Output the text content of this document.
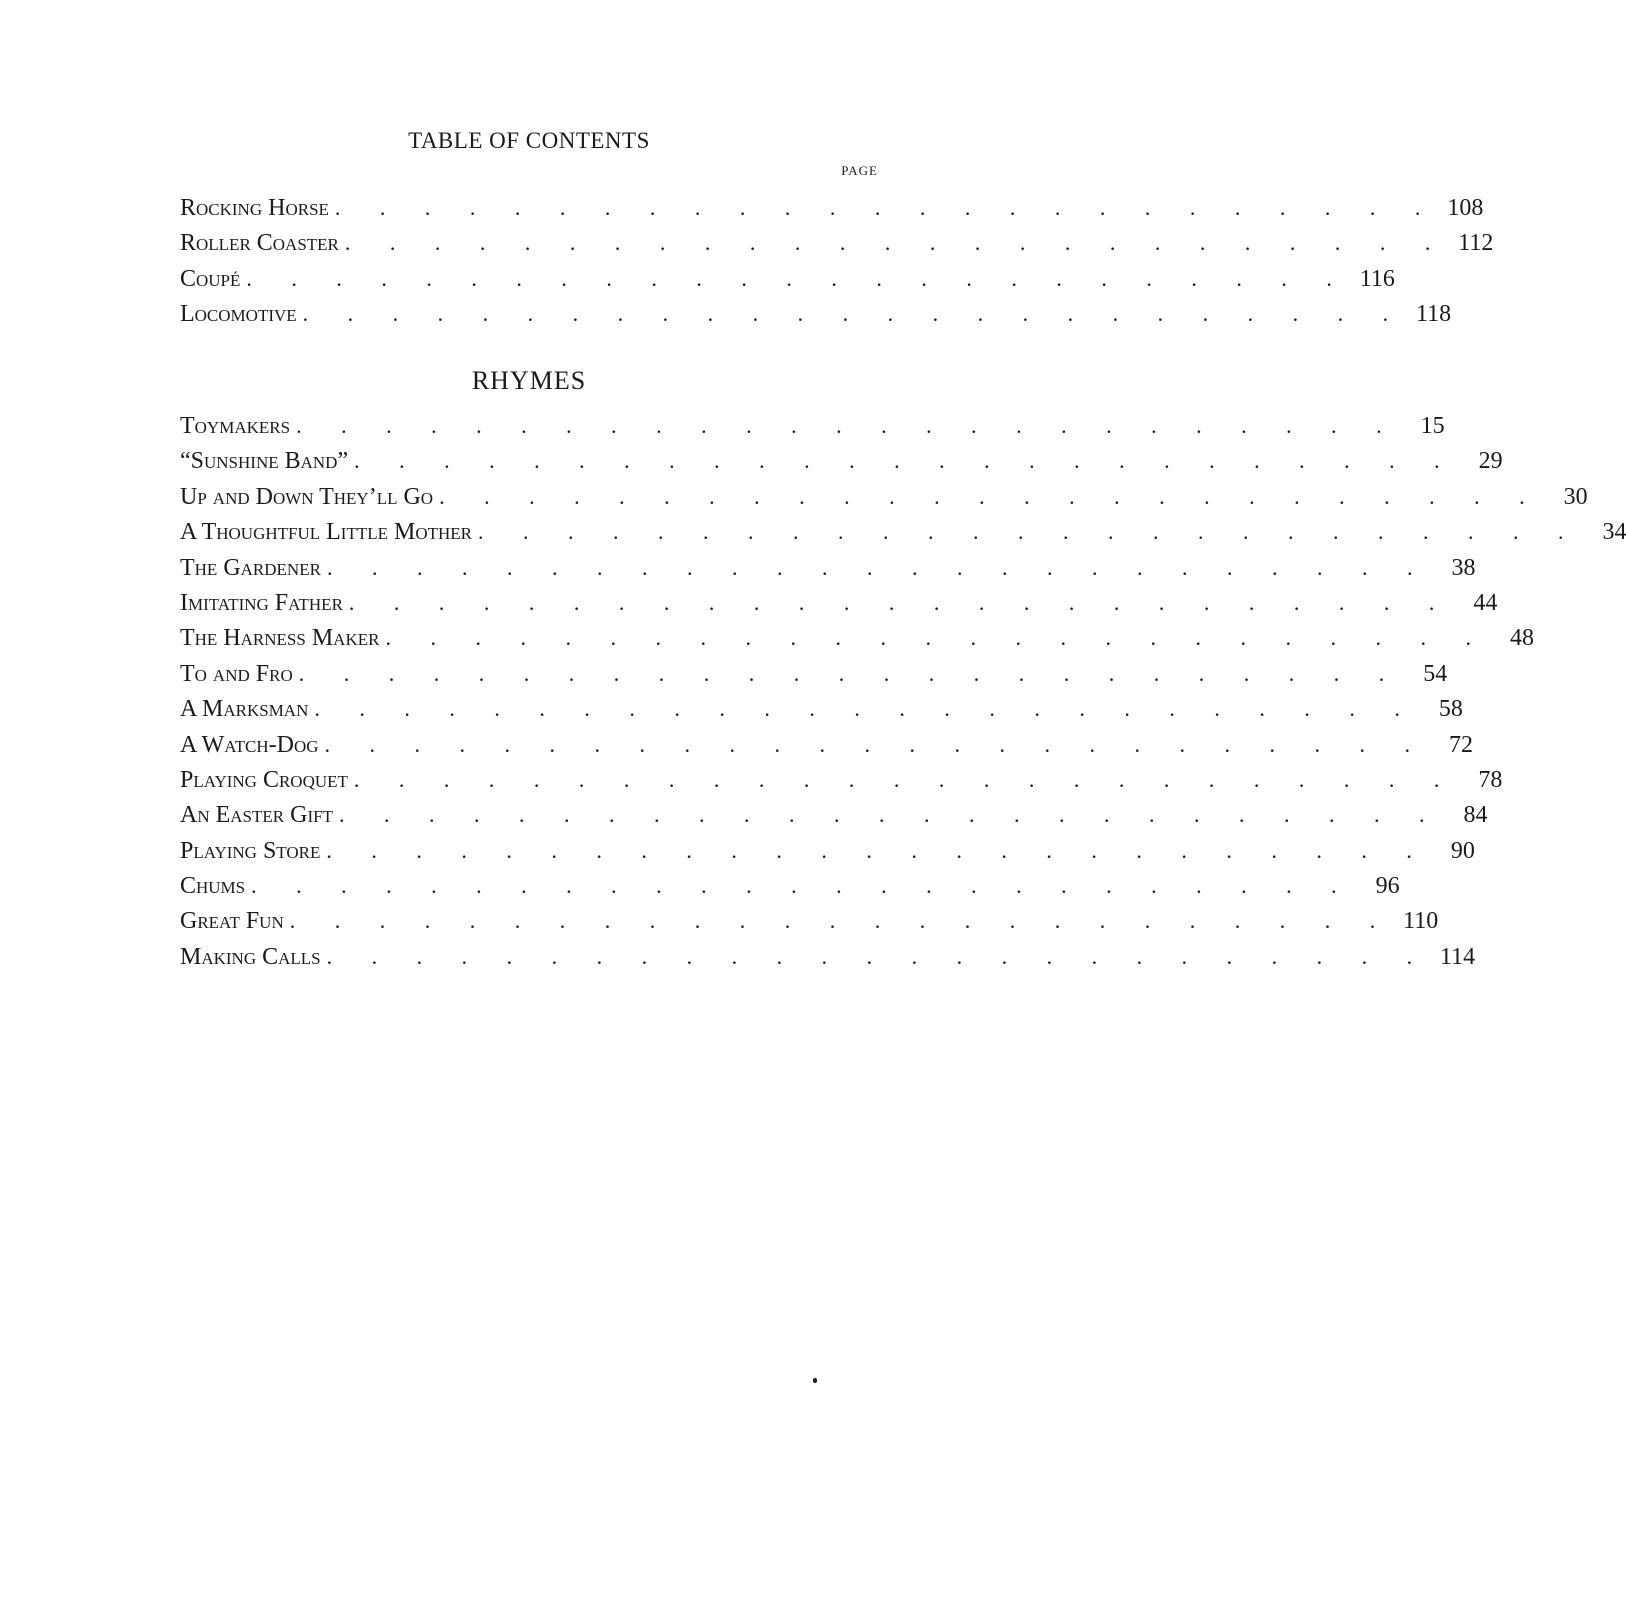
TABLE OF CONTENTS
PAGE
Rocking Horse . . . . . . . . . . . . . . . . . . . . . . . . . 108
Roller Coaster . . . . . . . . . . . . . . . . . . . . . . . . . 112
Coupé . . . . . . . . . . . . . . . . . . . . . . . . . 116
Locomotive . . . . . . . . . . . . . . . . . . . . . . . . . 118
RHYMES
Toymakers . . . . . . . . . . . . . . . . . . . . . . . . . 15
“Sunshine Band” . . . . . . . . . . . . . . . . . . . . . . . . . 29
Up and Down They’ll Go . . . . . . . . . . . . . . . . . . . . . . . . . 30
A Thoughtful Little Mother . . . . . . . . . . . . . . . . . . . . . . . . . 34
The Gardener . . . . . . . . . . . . . . . . . . . . . . . . . 38
Imitating Father . . . . . . . . . . . . . . . . . . . . . . . . . 44
The Harness Maker . . . . . . . . . . . . . . . . . . . . . . . . . 48
To and Fro . . . . . . . . . . . . . . . . . . . . . . . . . 54
A Marksman . . . . . . . . . . . . . . . . . . . . . . . . . 58
A Watch-Dog . . . . . . . . . . . . . . . . . . . . . . . . . 72
Playing Croquet . . . . . . . . . . . . . . . . . . . . . . . . . 78
An Easter Gift . . . . . . . . . . . . . . . . . . . . . . . . . 84
Playing Store . . . . . . . . . . . . . . . . . . . . . . . . . 90
Chums . . . . . . . . . . . . . . . . . . . . . . . . . 96
Great Fun . . . . . . . . . . . . . . . . . . . . . . . . . 110
Making Calls . . . . . . . . . . . . . . . . . . . . . . . . . 114
